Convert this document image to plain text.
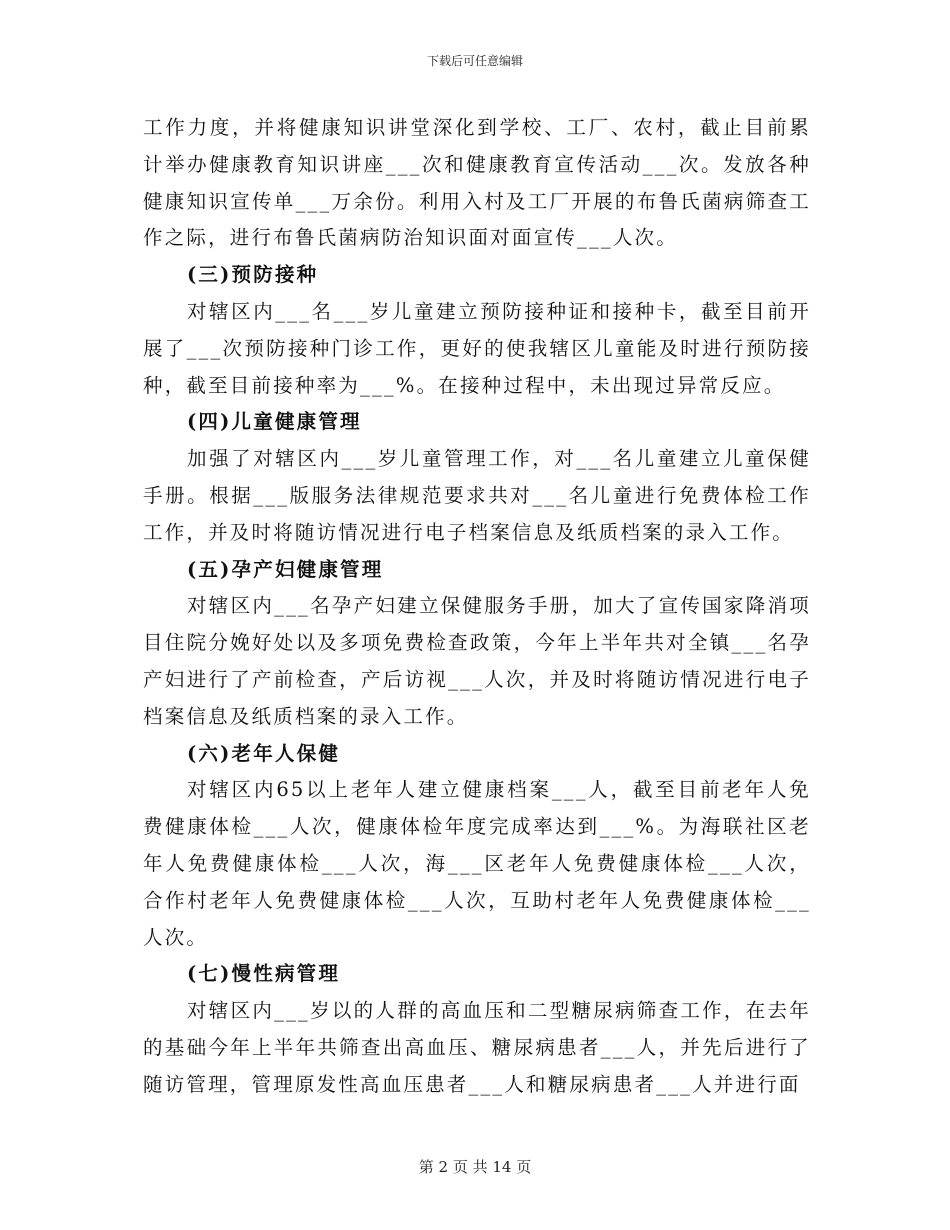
下载后可任意编辑

工作力度，并将健康知识讲堂深化到学校、工厂、农村，截止目前累计举办健康教育知识讲座___次和健康教育宣传活动___次。发放各种健康知识宣传单___万余份。利用入村及工厂开展的布鲁氏菌病筛查工作之际，进行布鲁氏菌病防治知识面对面宣传___人次。

(三)预防接种

对辖区内___名___岁儿童建立预防接种证和接种卡，截至目前开展了___次预防接种门诊工作，更好的使我辖区儿童能及时进行预防接种，截至目前接种率为___%。在接种过程中，未出现过异常反应。

(四)儿童健康管理

加强了对辖区内___岁儿童管理工作，对___名儿童建立儿童保健手册。根据___版服务法律规范要求共对___名儿童进行免费体检工作工作，并及时将随访情况进行电子档案信息及纸质档案的录入工作。

(五)孕产妇健康管理

对辖区内___名孕产妇建立保健服务手册，加大了宣传国家降消项目住院分娩好处以及多项免费检查政策，今年上半年共对全镇___名孕产妇进行了产前检查，产后访视___人次，并及时将随访情况进行电子档案信息及纸质档案的录入工作。

(六)老年人保健

对辖区内65以上老年人建立健康档案___人，截至目前老年人免费健康体检___人次，健康体检年度完成率达到___%。为海联社区老年人免费健康体检___人次，海___区老年人免费健康体检___人次，合作村老年人免费健康体检___人次，互助村老年人免费健康体检___人次。

(七)慢性病管理

对辖区内___岁以的人群的高血压和二型糖尿病筛查工作，在去年的基础今年上半年共筛查出高血压、糖尿病患者___人，并先后进行了随访管理，管理原发性高血压患者___人和糖尿病患者___人并进行面

第 2 页 共 14 页
